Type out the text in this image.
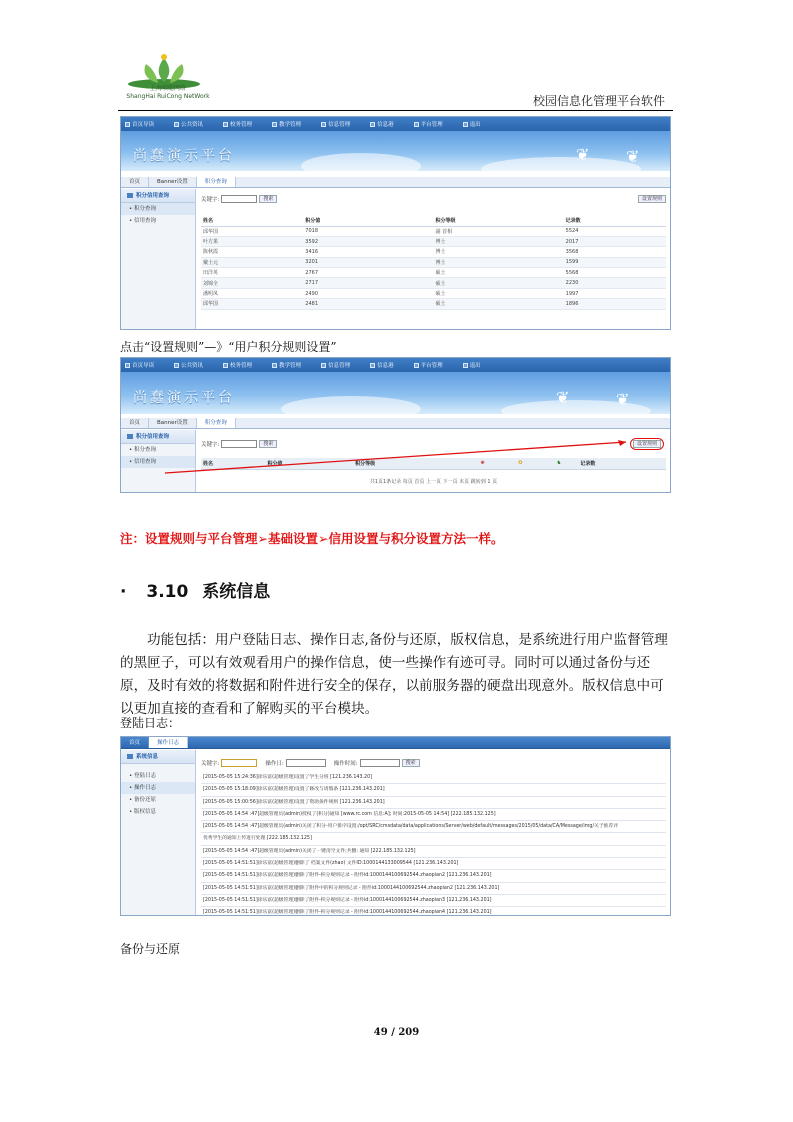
上海瑞聪网络
ShangHai RuiCong NetWork	校园信息化管理平台软件
首页导读	公共资讯	校务管理	教学管理	信息管理	信息港	平台管理	退出
尚蠢演示平台	❦ ❦
首页	Banner设置	积分查询
积分信用查询
• 积分查询
• 信用查询
关键字:	搜索	设置规则
姓名	积分值	积分等级	记录数
邱华国	7018	副 首相	5524
叶方果	3592	博士	2017
陈秋霞	3416	博士	3568
戴士元	3201	博士	1599
田洋英	2767	硕士	5568
刘锦全	2717	硕士	2230
潘明凤	2490	硕士	1997
邱华国	2481	硕士	1896
点击“设置规则”—》“用户积分规则设置”
首页导读	公共资讯	校务管理	教学管理	信息管理	信息港	平台管理	退出
尚蠢演示平台	❦	❦
首页	Banner设置	积分查询
积分信用查询
• 积分查询
• 信用查询
关键字:	搜索	设置规则
姓名	积分值	积分等级	❀	✪	♞	记录数
共1页1条记录 每页 首页 上一页 下一页 末页 跳转到 1 页
注：设置规则与平台管理➢基础设置➢信用设置与积分设置方法一样。
· 3.10 系统信息
功能包括：用户登陆日志、操作日志,备份与还原，版权信息，是系统进行用户监督管理的黑匣子，可以有效观看用户的操作信息，使一些操作有迹可寻。同时可以通过备份与还原，及时有效的将数据和附件进行安全的保存，以前服务器的硬盘出现意外。版权信息中可以更加直接的查看和了解购买的平台模块。
登陆日志：
首页	操作日志
系统信息
• 登陆日志
• 操作日志
• 备份还原
• 版权信息
关键字:	操作日:	操作时间:	搜索
[2015-05-05 15:24:36]徐乐富(超级管理)设置了学生分班 [121.236.143.20]
[2015-05-05 15:18:09]徐乐富(超级管理)设置了修改与请假条 [121.236.143.201]
[2015-05-05 15:00:56]徐乐富(超级管理)设置了资助条件规则 [121.236.143.201]
[2015-05-05 14:54 :47]超级管理员(admin)授权了(积分)通知 [www.rc.com 信息:A]; 时间:2015-05-05 14:54] [222.185.132.125]
[2015-05-05 14:54 :47]超级管理员(admin)关闭了积分-用户排序设置:/opt/SRC/cmsdata/data/applications/Server/web/default/messages/2015/05/data/CA/Message/img/关于推荐评
优秀学生的通知上传进行处理 [222.185.132.125]
[2015-05-05 14:54 :47]超级管理员(admin)关闭了一键清空文件;共删: 通知 [222.185.132.125]
[2015-05-05 14:51:51]徐乐富(超级管理)删除了 档案文件(zhao) 文件ID:1000144133009544 [121.236.143.201]
[2015-05-05 14:51:51]徐乐富(超级管理)删除了附件-积分规则记录 - 附件id:1000144100692544.zhaopian2 [121.236.143.201]
[2015-05-05 14:51:51]徐乐富(超级管理)删除了附件中的积分规则记录 - 附件id:1000144100692544.zhaopian2 [121.236.143.201]
[2015-05-05 14:51:51]徐乐富(超级管理)删除了附件-积分规则记录 - 附件id:1000144100692544.zhaopian3 [121.236.143.201]
[2015-05-05 14:51:51]徐乐富(超级管理)删除了附件-积分规则记录 - 附件id:1000144100692544.zhaopian4 [121.236.143.201]
备份与还原
49 / 209
